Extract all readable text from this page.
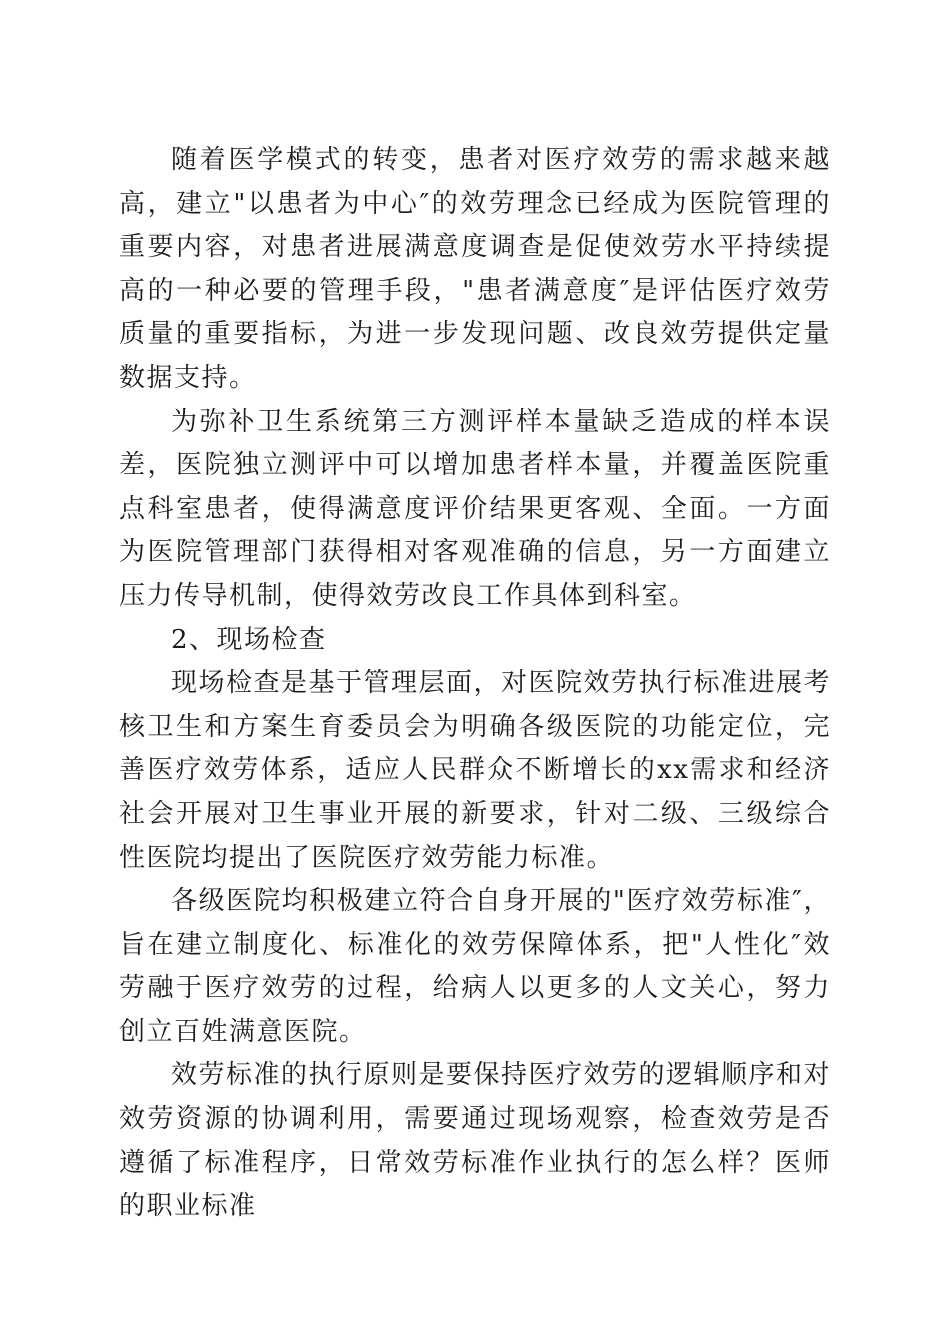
随着医学模式的转变，患者对医疗效劳的需求越来越高，建立"以患者为中心″的效劳理念已经成为医院管理的重要内容，对患者进展满意度调查是促使效劳水平持续提高的一种必要的管理手段，"患者满意度″是评估医疗效劳质量的重要指标，为进一步发现问题、改良效劳提供定量数据支持。

为弥补卫生系统第三方测评样本量缺乏造成的样本误差，医院独立测评中可以增加患者样本量，并覆盖医院重点科室患者，使得满意度评价结果更客观、全面。一方面为医院管理部门获得相对客观准确的信息，另一方面建立压力传导机制，使得效劳改良工作具体到科室。

2、现场检查

现场检查是基于管理层面，对医院效劳执行标准进展考核卫生和方案生育委员会为明确各级医院的功能定位，完善医疗效劳体系，适应人民群众不断增长的xx需求和经济社会开展对卫生事业开展的新要求，针对二级、三级综合性医院均提出了医院医疗效劳能力标准。

各级医院均积极建立符合自身开展的"医疗效劳标准″，旨在建立制度化、标准化的效劳保障体系，把"人性化″效劳融于医疗效劳的过程，给病人以更多的人文关心，努力创立百姓满意医院。

效劳标准的执行原则是要保持医疗效劳的逻辑顺序和对效劳资源的协调利用，需要通过现场观察，检查效劳是否遵循了标准程序，日常效劳标准作业执行的怎么样？医师的职业标准
